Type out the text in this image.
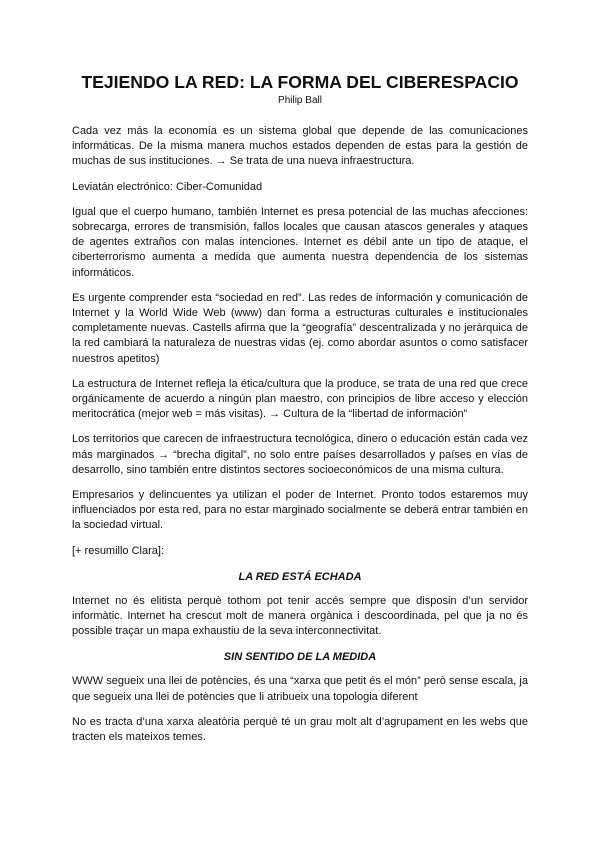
TEJIENDO LA RED: LA FORMA DEL CIBERESPACIO

Philip Ball

Cada vez más la economía es un sistema global que depende de las comunicaciones informáticas. De la misma manera muchos estados dependen de estas para la gestión de muchas de sus instituciones. → Se trata de una nueva infraestructura.

Leviatán electrónico: Ciber-Comunidad

Igual que el cuerpo humano, también Internet es presa potencial de las muchas afecciones: sobrecarga, errores de transmisión, fallos locales que causan atascos generales y ataques de agentes extraños con malas intenciones. Internet es débil ante un tipo de ataque, el ciberterrorismo aumenta a medida que aumenta nuestra dependencia de los sistemas informáticos.

Es urgente comprender esta “sociedad en red”. Las redes de información y comunicación de Internet y la World Wide Web (www) dan forma a estructuras culturales e institucionales completamente nuevas. Castells afirma que la “geografía” descentralizada y no jerárquica de la red cambiará la naturaleza de nuestras vidas (ej. como abordar asuntos o como satisfacer nuestros apetitos)

La estructura de Internet refleja la ética/cultura que la produce, se trata de una red que crece orgánicamente de acuerdo a ningún plan maestro, con principios de libre acceso y elección meritocrática (mejor web = más visitas). → Cultura de la “libertad de información”

Los territorios que carecen de infraestructura tecnológica, dinero o educación están cada vez más marginados → “brecha digital”, no solo entre países desarrollados y países en vías de desarrollo, sino también entre distintos sectores socioeconómicos de una misma cultura.

Empresarios y delincuentes ya utilizan el poder de Internet. Pronto todos estaremos muy influenciados por esta red, para no estar marginado socialmente se deberá entrar también en la sociedad virtual.

[+ resumillo Clara]:

LA RED ESTÁ ECHADA

Internet no és elitista perquè tothom pot tenir accés sempre que disposin d’un servidor informàtic. Internet ha crescut molt de manera orgànica i descoordinada, pel que ja no és possible traçar un mapa exhaustiu de la seva interconnectivitat.

SIN SENTIDO DE LA MEDIDA

WWW segueix una llei de potències, és una “xarxa que petit és el món” però sense escala, ja que segueix una llei de potències que li atribueix una topologia diferent

No es tracta d’una xarxa aleatòria perquè té un grau molt alt d’agrupament en les webs que tracten els mateixos temes.
